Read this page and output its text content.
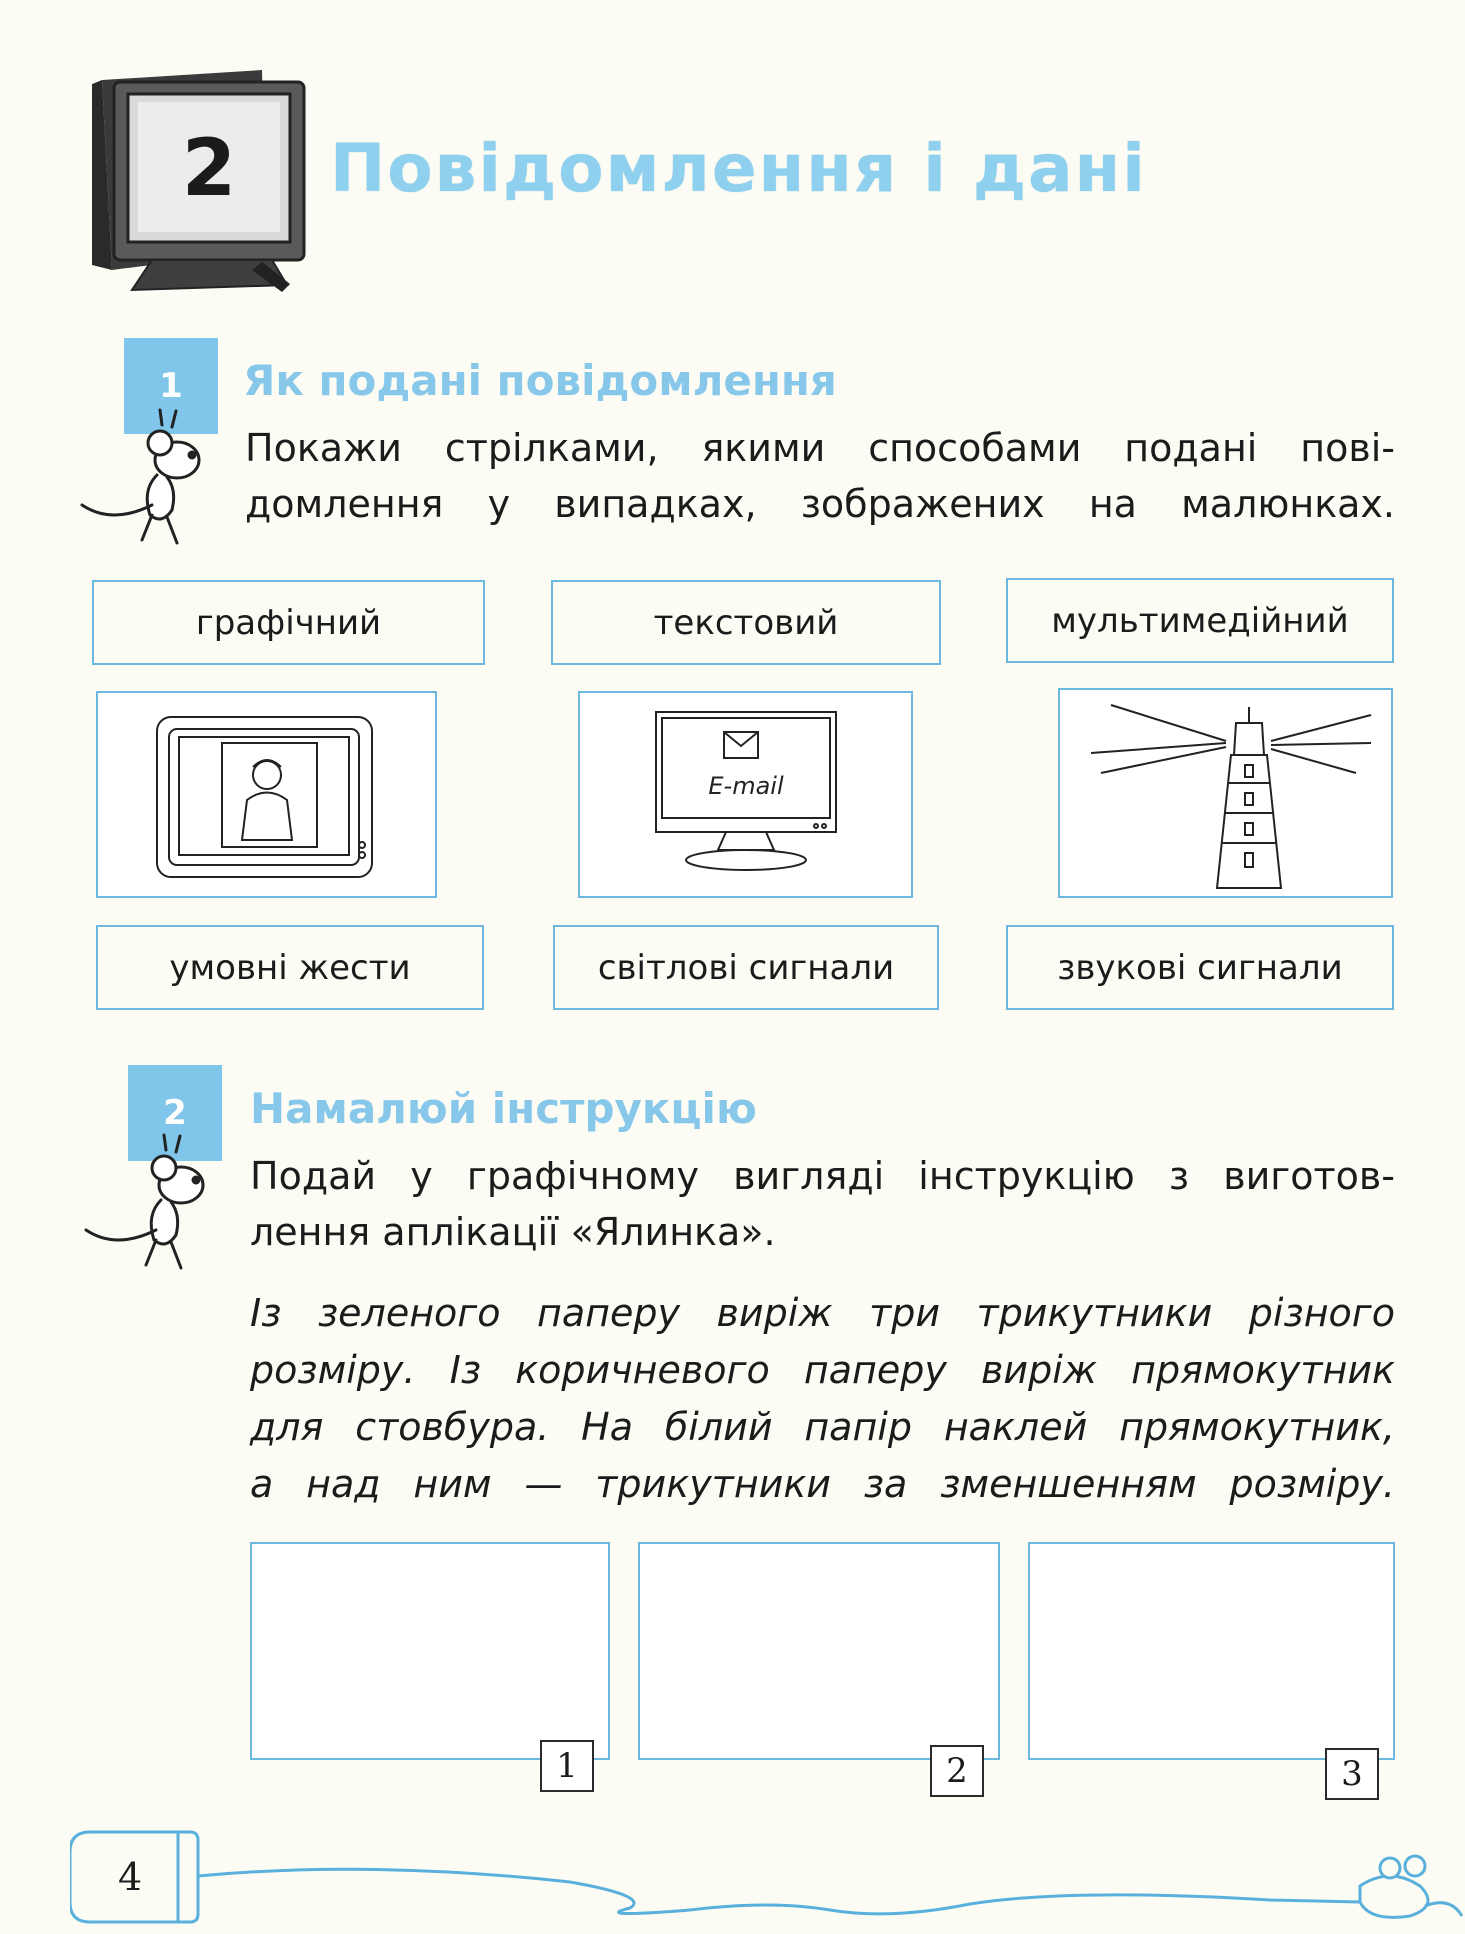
2 Повідомлення і дані
1	Як подані повідомлення
Покажи стрілками, якими способами подані пові-
домлення у випадках, зображених на малюнках.
графічний	текстовий	мультимедійний
E-mail
умовні жести	світлові сигнали	звукові сигнали
2	Намалюй інструкцію
Подай у графічному вигляді інструкцію з виготов-
лення аплікації «Ялинка».
Із зеленого паперу виріж три трикутники різного
розміру. Із коричневого паперу виріж прямокутник
для стовбура. На білий папір наклей прямокутник,
а над ним — трикутники за зменшенням розміру.
1	2	3
4
